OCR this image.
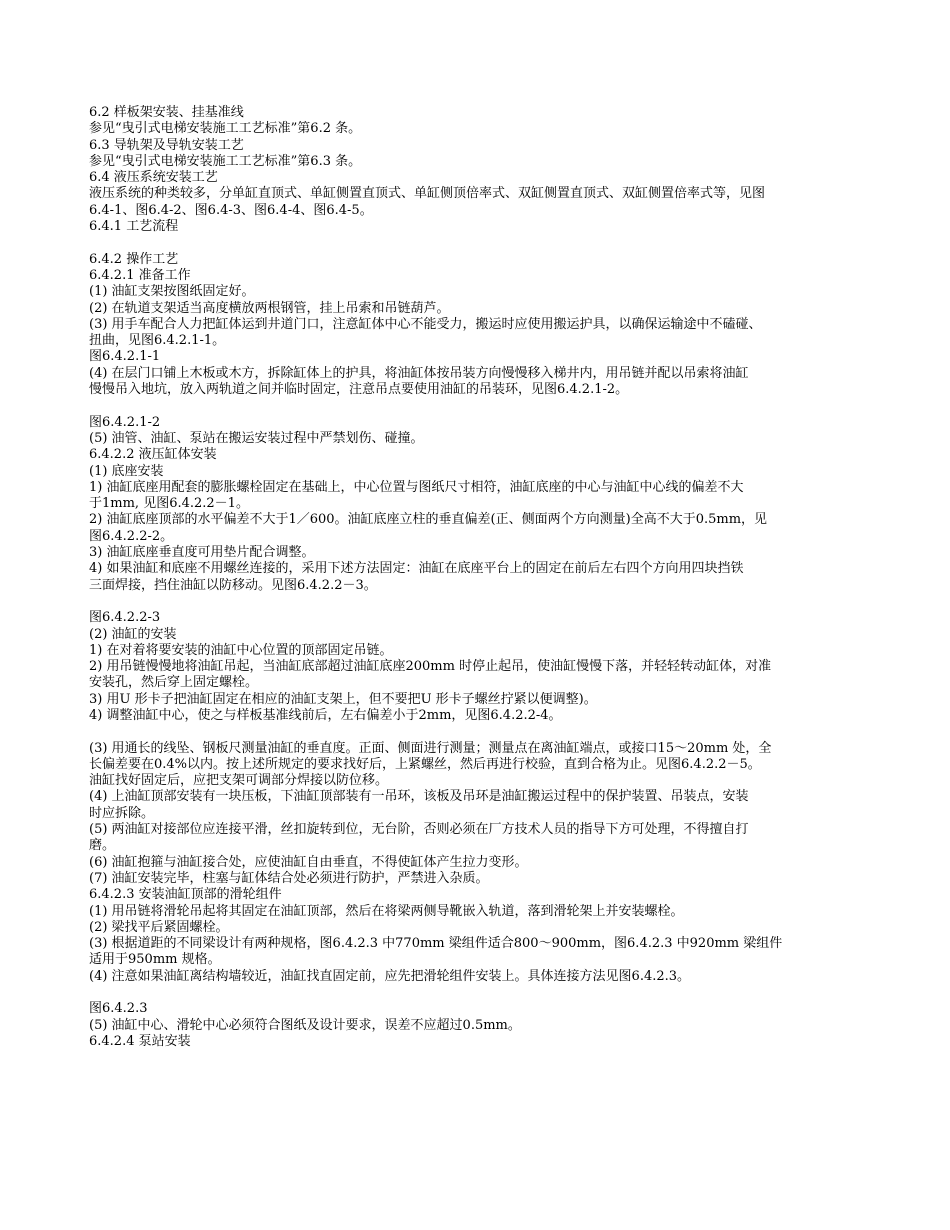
6.2 样板架安装、挂基准线
参见“曳引式电梯安装施工工艺标准”第6.2 条。
6.3 导轨架及导轨安装工艺
参见“曳引式电梯安装施工工艺标准”第6.3 条。
6.4 液压系统安装工艺
液压系统的种类较多，分单缸直顶式、单缸侧置直顶式、单缸侧顶倍率式、双缸侧置直顶式、双缸侧置倍率式等，见图
6.4-1、图6.4-2、图6.4-3、图6.4-4、图6.4-5。
6.4.1 工艺流程
6.4.2 操作工艺
6.4.2.1 准备工作
(1) 油缸支架按图纸固定好。
(2) 在轨道支架适当高度横放两根钢管，挂上吊索和吊链葫芦。
(3) 用手车配合人力把缸体运到井道门口，注意缸体中心不能受力，搬运时应使用搬运护具，以确保运输途中不磕碰、
扭曲，见图6.4.2.1-1。
图6.4.2.1-1
(4) 在层门口铺上木板或木方，拆除缸体上的护具，将油缸体按吊装方向慢慢移入梯井内，用吊链并配以吊索将油缸
慢慢吊入地坑，放入两轨道之间并临时固定，注意吊点要使用油缸的吊装环，见图6.4.2.1-2。
图6.4.2.1-2
(5) 油管、油缸、泵站在搬运安装过程中严禁划伤、碰撞。
6.4.2.2 液压缸体安装
(1) 底座安装
1) 油缸底座用配套的膨胀螺栓固定在基础上，中心位置与图纸尺寸相符，油缸底座的中心与油缸中心线的偏差不大
于1mm, 见图6.4.2.2－1。
2) 油缸底座顶部的水平偏差不大于1／600。油缸底座立柱的垂直偏差(正、侧面两个方向测量)全高不大于0.5mm，见
图6.4.2.2-2。
3) 油缸底座垂直度可用垫片配合调整。
4) 如果油缸和底座不用螺丝连接的，采用下述方法固定：油缸在底座平台上的固定在前后左右四个方向用四块挡铁
三面焊接，挡住油缸以防移动。见图6.4.2.2－3。
图6.4.2.2-3
(2) 油缸的安装
1) 在对着将要安装的油缸中心位置的顶部固定吊链。
2) 用吊链慢慢地将油缸吊起，当油缸底部超过油缸底座200mm 时停止起吊，使油缸慢慢下落，并轻轻转动缸体，对准
安装孔，然后穿上固定螺栓。
3) 用U 形卡子把油缸固定在相应的油缸支架上，但不要把U 形卡子螺丝拧紧以便调整)。
4) 调整油缸中心，使之与样板基准线前后，左右偏差小于2mm，见图6.4.2.2-4。
(3) 用通长的线坠、钢板尺测量油缸的垂直度。正面、侧面进行测量；测量点在离油缸端点，或接口15～20mm 处，全
长偏差要在0.4%以内。按上述所规定的要求找好后，上紧螺丝，然后再进行校验，直到合格为止。见图6.4.2.2－5。
油缸找好固定后，应把支架可调部分焊接以防位移。
(4) 上油缸顶部安装有一块压板，下油缸顶部装有一吊环，该板及吊环是油缸搬运过程中的保护装置、吊装点，安装
时应拆除。
(5) 两油缸对接部位应连接平滑，丝扣旋转到位，无台阶，否则必须在厂方技术人员的指导下方可处理，不得擅自打
磨。
(6) 油缸抱箍与油缸接合处，应使油缸自由垂直，不得使缸体产生拉力变形。
(7) 油缸安装完毕，柱塞与缸体结合处必须进行防护，严禁进入杂质。
6.4.2.3 安装油缸顶部的滑轮组件
(1) 用吊链将滑轮吊起将其固定在油缸顶部，然后在将梁两侧导靴嵌入轨道，落到滑轮架上并安装螺栓。
(2) 梁找平后紧固螺栓。
(3) 根据道距的不同梁设计有两种规格，图6.4.2.3 中770mm 梁组件适合800～900mm，图6.4.2.3 中920mm 梁组件
适用于950mm 规格。
(4) 注意如果油缸离结构墙较近，油缸找直固定前，应先把滑轮组件安装上。具体连接方法见图6.4.2.3。
图6.4.2.3
(5) 油缸中心、滑轮中心必须符合图纸及设计要求，误差不应超过0.5mm。
6.4.2.4 泵站安装
